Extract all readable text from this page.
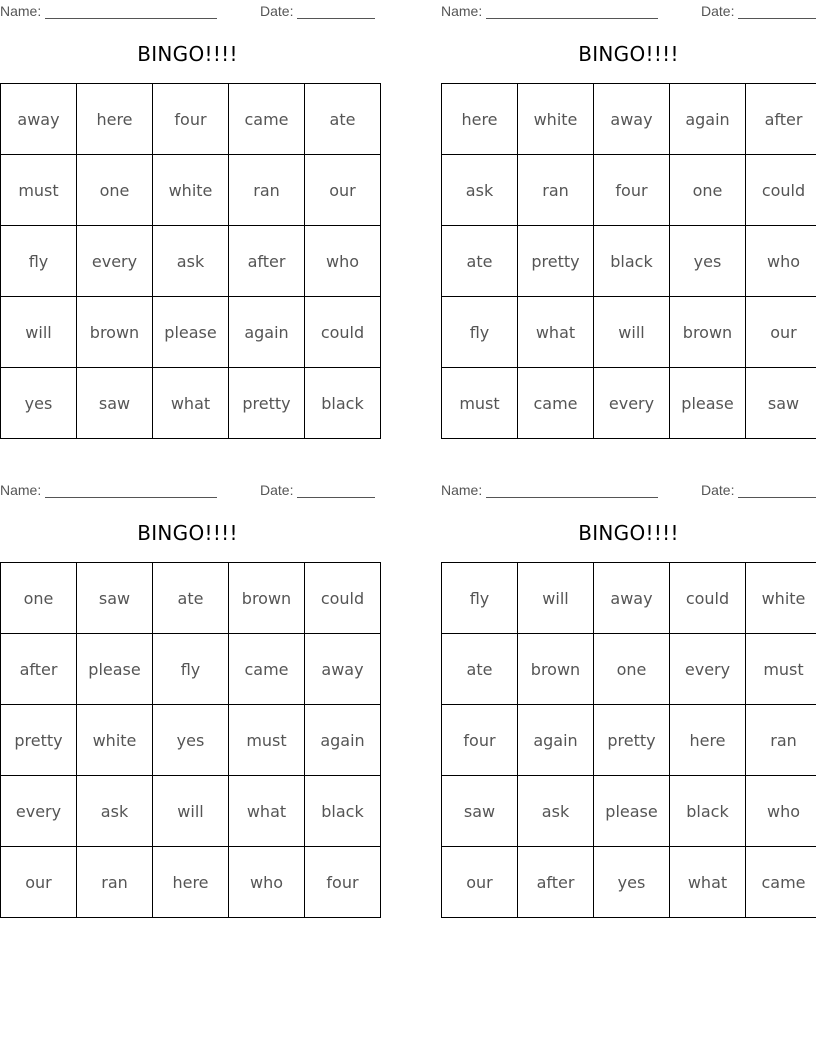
Name:	Date:
BINGO!!!!
away	here	four	came	ate
must	one	white	ran	our
fly	every	ask	after	who
will	brown	please	again	could
yes	saw	what	pretty	black
Name:	Date:
BINGO!!!!
here	white	away	again	after
ask	ran	four	one	could
ate	pretty	black	yes	who
fly	what	will	brown	our
must	came	every	please	saw
Name:	Date:
BINGO!!!!
one	saw	ate	brown	could
after	please	fly	came	away
pretty	white	yes	must	again
every	ask	will	what	black
our	ran	here	who	four
Name:	Date:
BINGO!!!!
fly	will	away	could	white
ate	brown	one	every	must
four	again	pretty	here	ran
saw	ask	please	black	who
our	after	yes	what	came
